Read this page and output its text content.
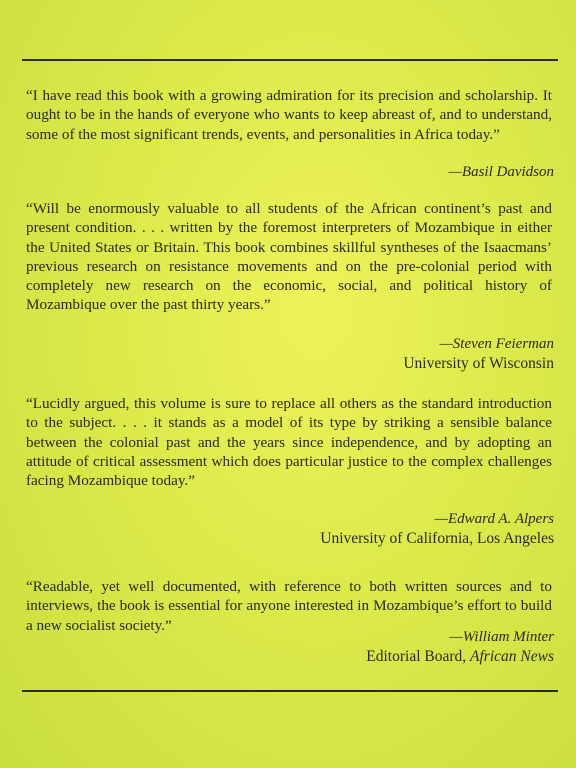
“I have read this book with a growing admiration for its precision and scholarship. It ought to be in the hands of everyone who wants to keep abreast of, and to understand, some of the most significant trends, events, and personalities in Africa today.”

—Basil Davidson

“Will be enormously valuable to all students of the African continent’s past and present condition. . . . written by the foremost interpreters of Mozambique in either the United States or Britain. This book combines skillful syntheses of the Isaacmans’ previous research on resistance movements and on the pre-colonial period with completely new research on the economic, social, and political history of Mozambique over the past thirty years.”

—Steven Feierman
University of Wisconsin

“Lucidly argued, this volume is sure to replace all others as the standard introduction to the subject. . . . it stands as a model of its type by striking a sensible balance between the colonial past and the years since independence, and by adopting an attitude of critical assessment which does particular justice to the complex challenges facing Mozambique today.”

—Edward A. Alpers
University of California, Los Angeles

“Readable, yet well documented, with reference to both written sources and to interviews, the book is essential for anyone interested in Mozambique’s effort to build a new socialist society.”

—William Minter
Editorial Board, African News
